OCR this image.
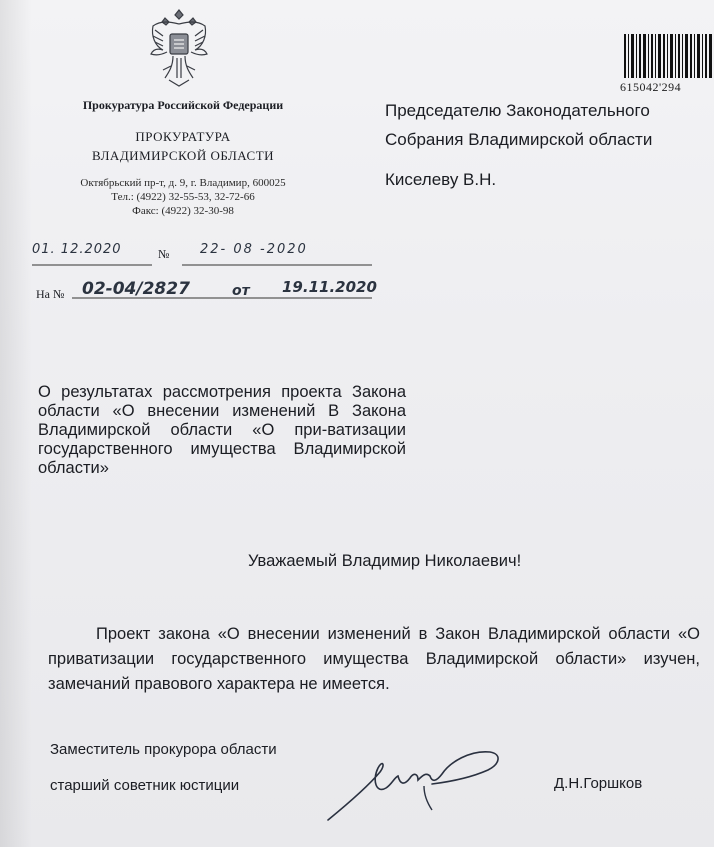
615042'294
Прокуратура Российской Федерации
ПРОКУРАТУРА
ВЛАДИМИРСКОЙ ОБЛАСТИ
Октябрьский пр-т, д. 9, г. Владимир, 600025
Тел.: (4922) 32-55-53, 32-72-66
Факс: (4922) 32-30-98
Председателю Законодательного
Собрания Владимирской области
Киселеву В.Н.
01. 12.2020	№ 22- 08 -2020
На № 02-04/2827	от 19.11.2020
О результатах рассмотрения проекта Закона области «О внесении изменений В Закона Владимирской области «О при-ватизации государственного имущества Владимирской области»
Уважаемый Владимир Николаевич!
Проект закона «О внесении изменений в Закон Владимирской области «О приватизации государственного имущества Владимирской области» изучен, замечаний правового характера не имеется.
Заместитель прокурора области
старший советник юстиции	Д.Н.Горшков
